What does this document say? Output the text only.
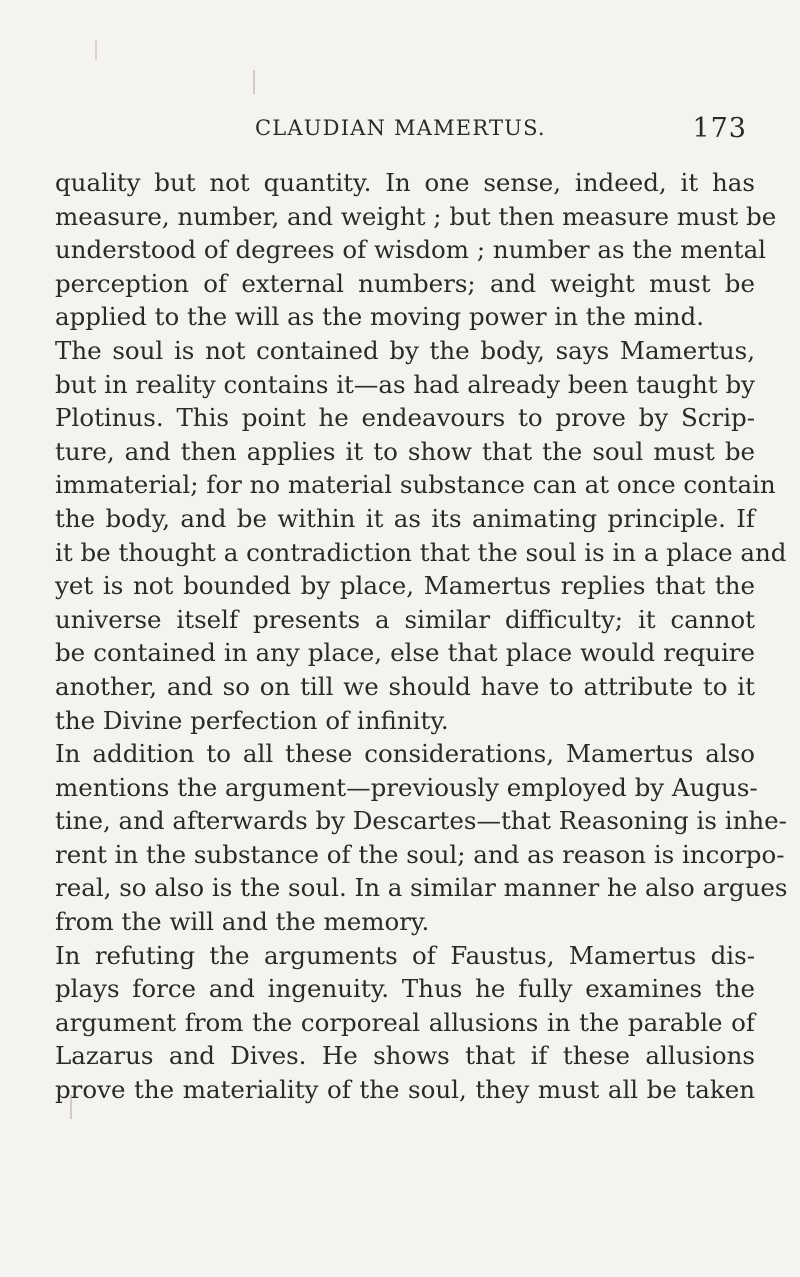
CLAUDIAN MAMERTUS.	173
quality but not quantity. In one sense, indeed, it has
measure, number, and weight ; but then measure must be
understood of degrees of wisdom ; number as the mental
perception of external numbers; and weight must be
applied to the will as the moving power in the mind.
The soul is not contained by the body, says Mamertus,
but in reality contains it—as had already been taught by
Plotinus. This point he endeavours to prove by Scrip-
ture, and then applies it to show that the soul must be
immaterial; for no material substance can at once contain
the body, and be within it as its animating principle. If
it be thought a contradiction that the soul is in a place and
yet is not bounded by place, Mamertus replies that the
universe itself presents a similar difficulty; it cannot
be contained in any place, else that place would require
another, and so on till we should have to attribute to it
the Divine perfection of infinity.
In addition to all these considerations, Mamertus also
mentions the argument—previously employed by Augus-
tine, and afterwards by Descartes—that Reasoning is inhe-
rent in the substance of the soul; and as reason is incorpo-
real, so also is the soul. In a similar manner he also argues
from the will and the memory.
In refuting the arguments of Faustus, Mamertus dis-
plays force and ingenuity. Thus he fully examines the
argument from the corporeal allusions in the parable of
Lazarus and Dives. He shows that if these allusions
prove the materiality of the soul, they must all be taken
